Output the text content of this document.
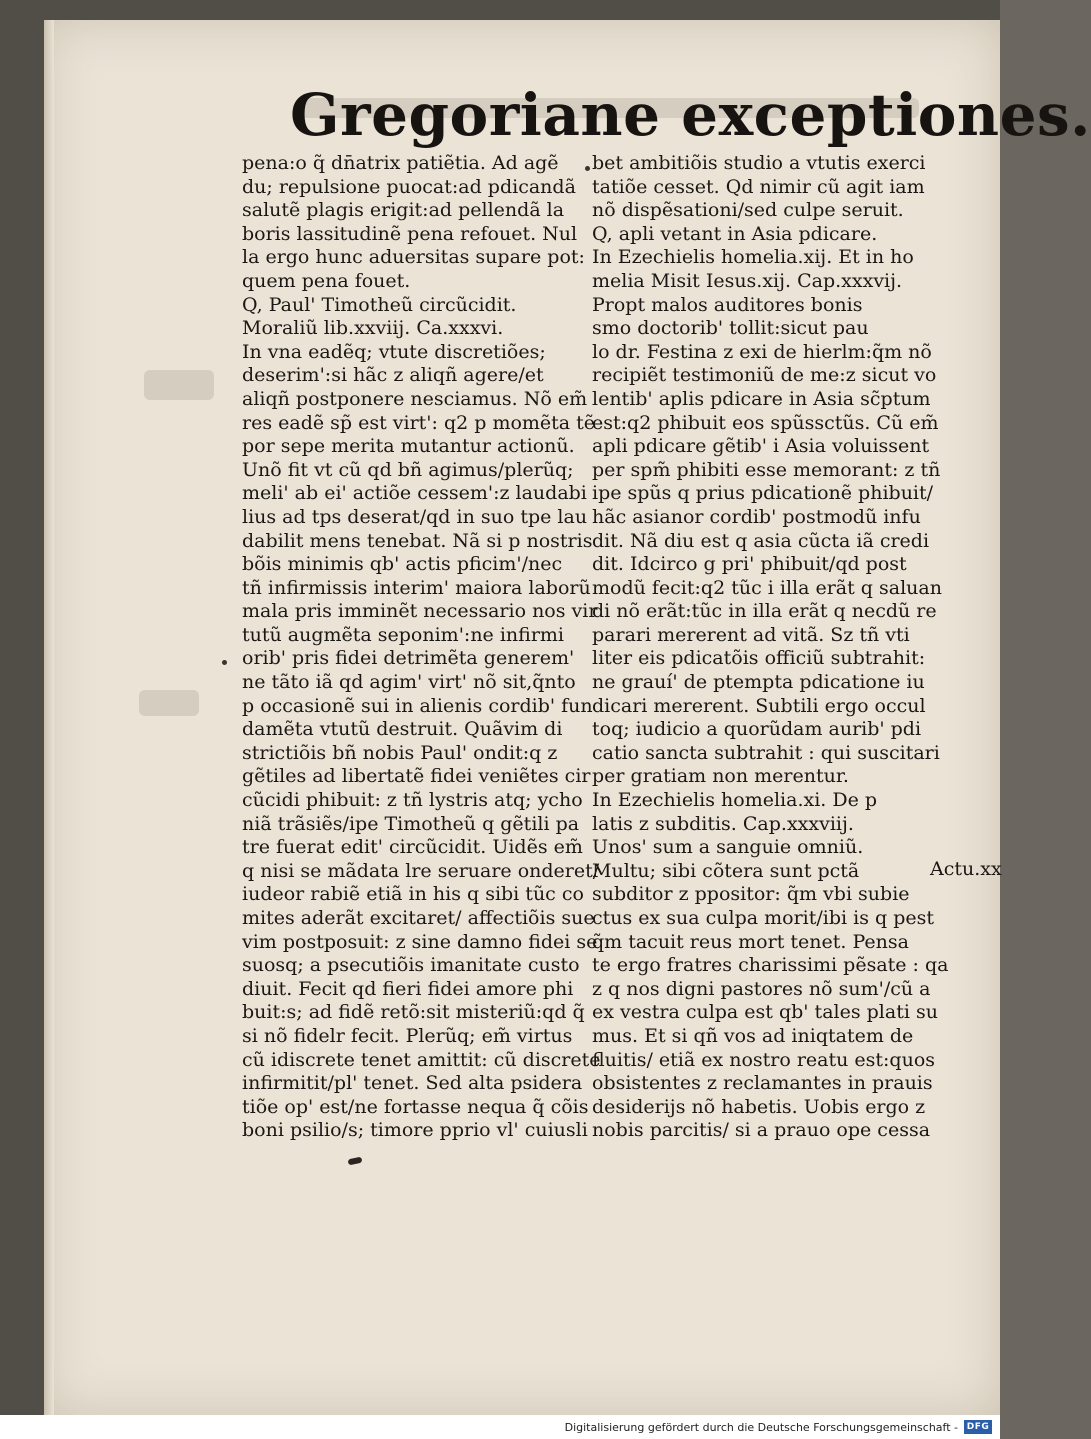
Gregoriane exceptiones.
pena:o q̃ dn̄atrix patiẽtia. Ad agẽ
du; repulsione puocat:ad pdicandã
salutẽ plagis erigit:ad pellendã la
boris lassitudinẽ pena refouet. Nul
la ergo hunc aduersitas supare pot:
quem pena fouet.
Q, Paul' Timotheũ circũcidit.
Moraliũ lib.xxviij. Ca.xxxvi.
In vna eadẽq; vtute discretiões;
deserim':si hãc z aliqñ agere/et
aliqñ postponere nesciamus. Nõ em̃
res eadẽ sp̃ est virt': q2 p momẽta tẽ
por sepe merita mutantur actionũ.
Unõ fit vt cũ qd bñ agimus/plerũq;
meli' ab ei' actiõe cessem':z laudabi
lius ad tps deserat/qd in suo tpe lau
dabilit mens tenebat. Nã si p nostris
bõis minimis qb' actis pficim'/nec
tñ infirmissis interim' maiora laborũ
mala pris imminẽt necessario nos vir
tutũ augmẽta seponim':ne infirmi
orib' pris fidei detrimẽta generem'
ne tãto iã qd agim' virt' nõ sit,q̃nto
p occasionẽ sui in alienis cordib' fun
damẽta vtutũ destruit. Quãvim di
strictiõis bñ nobis Paul' ondit:q z
gẽtiles ad libertatẽ fidei veniẽtes cir
cũcidi phibuit: z tñ lystris atq; ycho
niã trãsiẽs/ipe Timotheũ q gẽtili pa
tre fuerat edit' circũcidit. Uidẽs em̃
q nisi se mãdata lre seruare onderet/
iudeor rabiẽ etiã in his q sibi tũc co
mites aderãt excitaret/ affectiõis sue
vim postposuit: z sine damno fidei se
suosq; a psecutiõis imanitate custo
diuit. Fecit qd fieri fidei amore phi
buit:s; ad fidẽ retõ:sit misteriũ:qd q̃
si nõ fidelr fecit. Plerũq; em̃ virtus
cũ idiscrete tenet amittit: cũ discrete
infirmitit/pl' tenet. Sed alta psidera
tiõe op' est/ne fortasse nequa q̃ cõis
boni psilio/s; timore pprio vl' cuiusli
bet ambitiõis studio a vtutis exerci
tatiõe cesset. Qd nimir cũ agit iam
nõ dispẽsationi/sed culpe seruit.
Q, apli vetant in Asia pdicare.
In Ezechielis homelia.xij. Et in ho
melia Misit Iesus.xij. Cap.xxxvij.
Propt malos auditores bonis
smo doctorib' tollit:sicut pau
lo dr. Festina z exi de hierlm:q̃m nõ
recipiẽt testimoniũ de me:z sicut vo
lentib' aplis pdicare in Asia sc̃ptum
est:q2 phibuit eos spũssctũs. Cũ em̃
apli pdicare gẽtib' i Asia voluissent
per spm̃ phibiti esse memorant: z tñ
ipe spũs q prius pdicationẽ phibuit/
hãc asianor cordib' postmodũ infu
dit. Nã diu est q asia cũcta iã credi
dit. Idcirco g pri' phibuit/qd post
modũ fecit:q2 tũc i illa erãt q saluan
di nõ erãt:tũc in illa erãt q necdũ re
parari mererent ad vitã. Sz tñ vti
liter eis pdicatõis officiũ subtrahit:
ne grauí' de ptempta pdicatione iu
dicari mererent. Subtili ergo occul
toq; iudicio a quorũdam aurib' pdi
catio sancta subtrahit : qui suscitari
per gratiam non merentur.
In Ezechielis homelia.xi. De p
latis z subditis. Cap.xxxviij.
Unos' sum a sanguie omniũ.
Multu; sibi cõtera sunt pctã
subditor z ppositor: q̃m vbi subie
ctus ex sua culpa morit/ibi is q pest
q̃m tacuit reus mort tenet. Pensa
te ergo fratres charissimi pẽsate : qa
z q nos digni pastores nõ sum'/cũ a
ex vestra culpa est qb' tales plati su
mus. Et si qñ vos ad iniqtatem de
fluitis/ etiã ex nostro reatu est:quos
obsistentes z reclamantes in prauis
desiderijs nõ habetis. Uobis ergo z
nobis parcitis/ si a prauo ope cessa
Actu.xx
Digitalisierung gefördert durch die Deutsche Forschungsgemeinschaft - DFG
